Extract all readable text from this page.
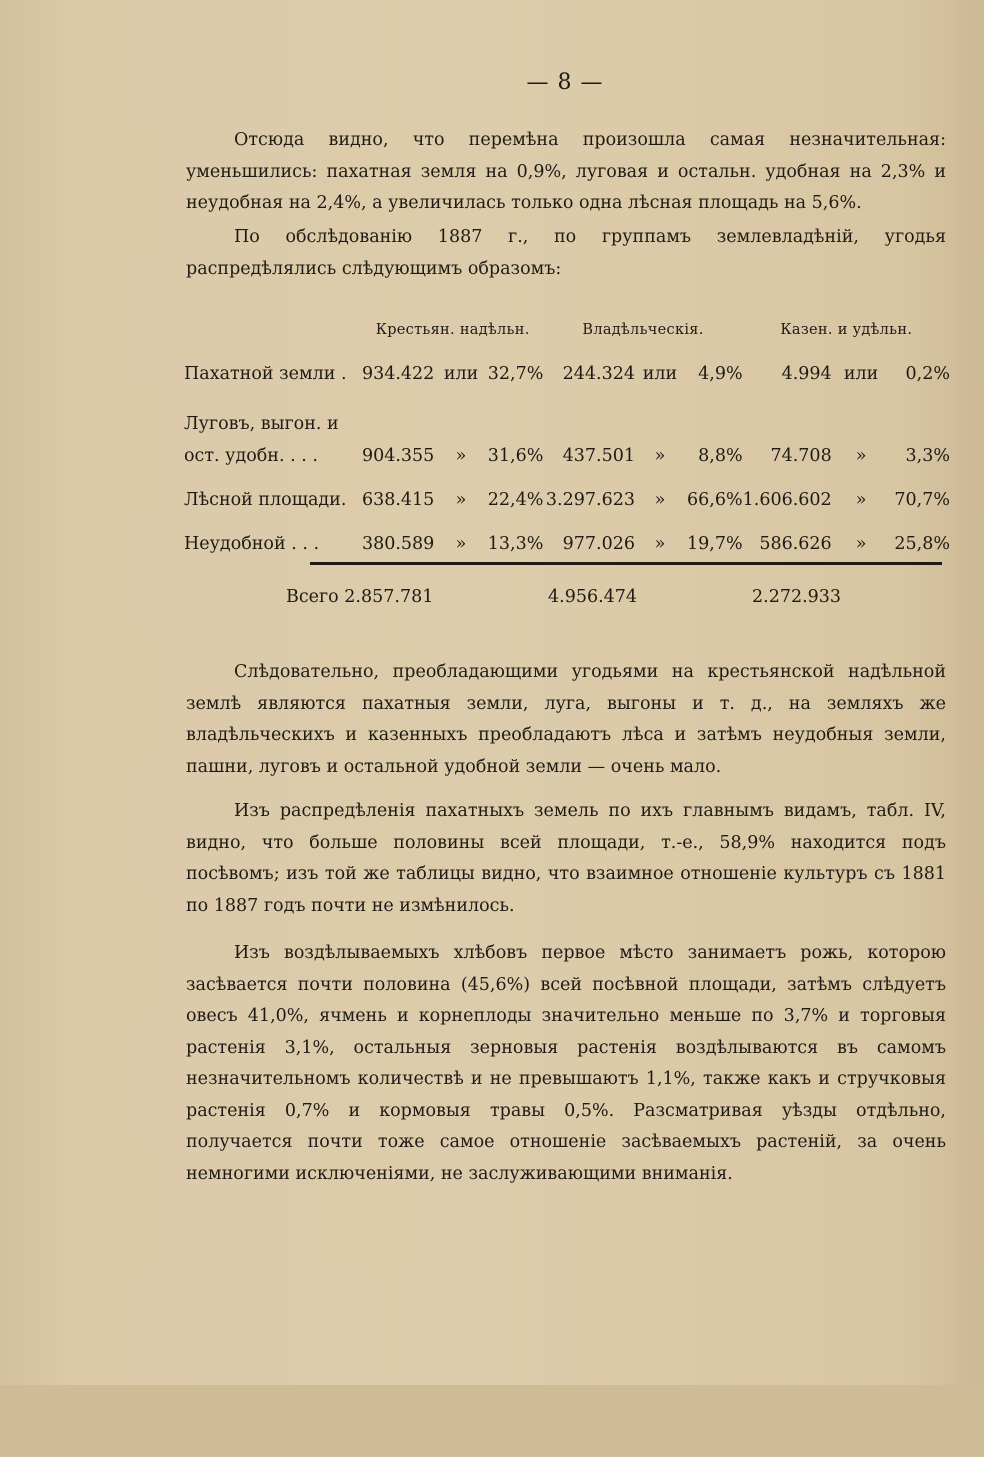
— 8 —

Отсюда видно, что перемѣна произошла самая незначительная: уменьшились: пахатная земля на 0,9%, луговая и остальн. удобная на 2,3% и неудобная на 2,4%, а увеличилась только одна лѣсная площадь на 5,6%.

По обслѣдованію 1887 г., по группамъ землевладѣній, угодья распредѣлялись слѣдующимъ образомъ:

	Крестьян. надѣльн.			Владѣльческія.			Казен. и удѣльн.		
Пахатной земли .	934.422	или	32,7%	244.324	или	4,9%	4.994	или	0,2%
Луговъ, выгон. и									
ост. удобн. . . .	904.355	»	31,6%	437.501	»	8,8%	74.708	»	3,3%
Лѣсной площади.	638.415	»	22,4%	3.297.623	»	66,6%	1.606.602	»	70,7%
Неудобной . . .	380.589	»	13,3%	977.026	»	19,7%	586.626	»	25,8%
Всего 2.857.781	4.956.474	2.272.933

Слѣдовательно, преобладающими угодьями на крестьянской надѣльной землѣ являются пахатныя земли, луга, выгоны и т. д., на земляхъ же владѣльческихъ и казенныхъ преобладаютъ лѣса и затѣмъ неудобныя земли, пашни, луговъ и остальной удобной земли — очень мало.

Изъ распредѣленія пахатныхъ земель по ихъ главнымъ видамъ, табл. IV, видно, что больше половины всей площади, т.-е., 58,9% находится подъ посѣвомъ; изъ той же таблицы видно, что взаимное отношеніе культуръ съ 1881 по 1887 годъ почти не измѣнилось.

Изъ воздѣлываемыхъ хлѣбовъ первое мѣсто занимаетъ рожь, которою засѣвается почти половина (45,6%) всей посѣвной площади, затѣмъ слѣдуетъ овесъ 41,0%, ячмень и корнеплоды значительно меньше по 3,7% и торговыя растенія 3,1%, остальныя зерновыя растенія воздѣлываются въ самомъ незначительномъ количествѣ и не превышаютъ 1,1%, также какъ и стручковыя растенія 0,7% и кормовыя травы 0,5%. Разсматривая уѣзды отдѣльно, получается почти тоже самое отношеніе засѣваемыхъ растеній, за очень немногими исключеніями, не заслуживающими вниманія.
